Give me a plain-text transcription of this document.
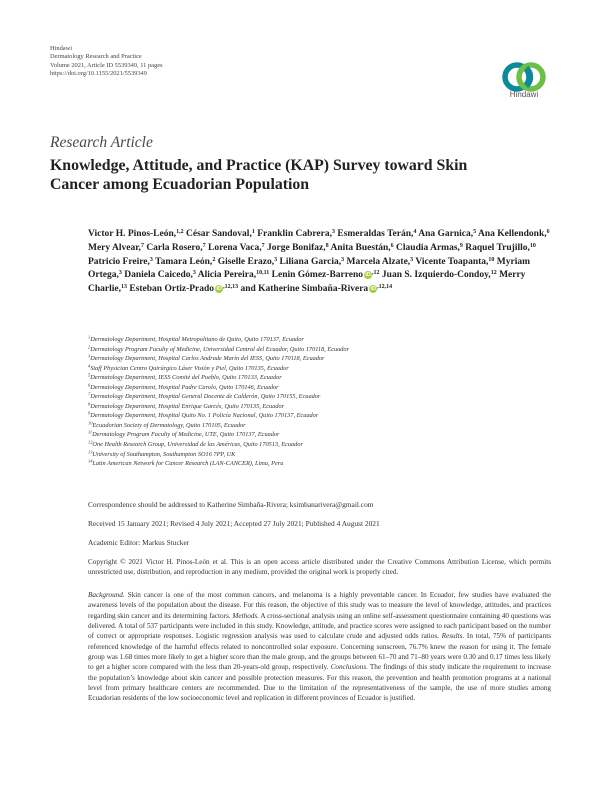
Hindawi
Dermatology Research and Practice
Volume 2021, Article ID 5539349, 11 pages
https://doi.org/10.1155/2021/5539349
Hindawi
Research Article
Knowledge, Attitude, and Practice (KAP) Survey toward Skin Cancer among Ecuadorian Population
Victor H. Pinos-León,$^{1,2}$ César Sandoval,$^1$ Franklin Cabrera,$^3$ Esmeraldas Terán,$^4$ Ana Garnica,$^5$ Ana Kellendonk,$^6$ Mery Alvear,$^7$ Carla Rosero,$^7$ Lorena Vaca,$^7$ Jorge Bonifaz,$^8$ Anita Buestán,$^6$ Claudia Armas,$^9$ Raquel Trujillo,$^{10}$ Patricio Freire,$^3$ Tamara León,$^2$ Giselle Erazo,$^3$ Liliana Garcia,$^3$ Marcela Alzate,$^3$ Vicente Toapanta,$^{10}$ Myriam Ortega,$^3$ Daniela Caicedo,$^3$ Alicia Pereira,$^{10,11}$ Lenin Gómez-Barreno $iD^{,12}$ Juan S. Izquierdo-Condoy,$^{12}$ Merry Charlie,$^{13}$ Esteban Ortiz-Prado $iD^{,12,13}$ and Katherine Simbaña-Rivera $iD^{,12,14}$
$^1$Dermatology Department, Hospital Metropolitano de Quito, Quito 170137, Ecuador
$^2$Dermatology Program Faculty of Medicine, Universidad Central del Ecuador, Quito 170118, Ecuador
$^3$Dermatology Department, Hospital Carlos Andrade Marín del IESS, Quito 170118, Ecuador
$^4$Staff Physician Centro Quirúrgico Láser Visión y Piel, Quito 170135, Ecuador
$^5$Dermatology Department, IESS Comité del Pueblo, Quito 170133, Ecuador
$^6$Dermatology Department, Hospital Padre Carolo, Quito 170146, Ecuador
$^7$Dermatology Department, Hospital General Docente de Calderón, Quito 170155, Ecuador
$^8$Dermatology Department, Hospital Enrique Garcés, Quito 170135, Ecuador
$^9$Dermatology Department, Hospital Quito No. 1 Policía Nacional, Quito 170137, Ecuador
$^{10}$Ecuadorian Society of Dermatology, Quito 170105, Ecuador
$^{11}$Dermatology Program Faculty of Medicine, UTE, Quito 170137, Ecuador
$^{12}$One Health Research Group, Universidad de las Américas, Quito 170513, Ecuador
$^{13}$University of Southampton, Southampton SO16 7PP, UK
$^{14}$Latin American Network for Cancer Research (LAN-CANCER), Lima, Peru
Correspondence should be addressed to Katherine Simbaña-Rivera; ksimbanarivera@gmail.com
Received 15 January 2021; Revised 4 July 2021; Accepted 27 July 2021; Published 4 August 2021
Academic Editor: Markus Stucker
Copyright © 2021 Victor H. Pinos-León et al. This is an open access article distributed under the Creative Commons Attribution License, which permits unrestricted use, distribution, and reproduction in any medium, provided the original work is properly cited.
Background. Skin cancer is one of the most common cancers, and melanoma is a highly preventable cancer. In Ecuador, few studies have evaluated the awareness levels of the population about the disease. For this reason, the objective of this study was to measure the level of knowledge, attitudes, and practices regarding skin cancer and its determining factors. Methods. A cross-sectional analysis using an online self-assessment questionnaire containing 40 questions was delivered. A total of 537 participants were included in this study. Knowledge, attitude, and practice scores were assigned to each participant based on the number of correct or appropriate responses. Logistic regression analysis was used to calculate crude and adjusted odds ratios. Results. In total, 75% of participants referenced knowledge of the harmful effects related to noncontrolled solar exposure. Concerning sunscreen, 76.7% knew the reason for using it. The female group was 1.68 times more likely to get a higher score than the male group, and the groups between 61–70 and 71–80 years were 0.30 and 0.17 times less likely to get a higher score compared with the less than 20-years-old group, respectively. Conclusions. The findings of this study indicate the requirement to increase the population’s knowledge about skin cancer and possible protection measures. For this reason, the prevention and health promotion programs at a national level from primary healthcare centers are recommended. Due to the limitation of the representativeness of the sample, the use of more studies among Ecuadorian residents of the low socioeconomic level and replication in different provinces of Ecuador is justified.
